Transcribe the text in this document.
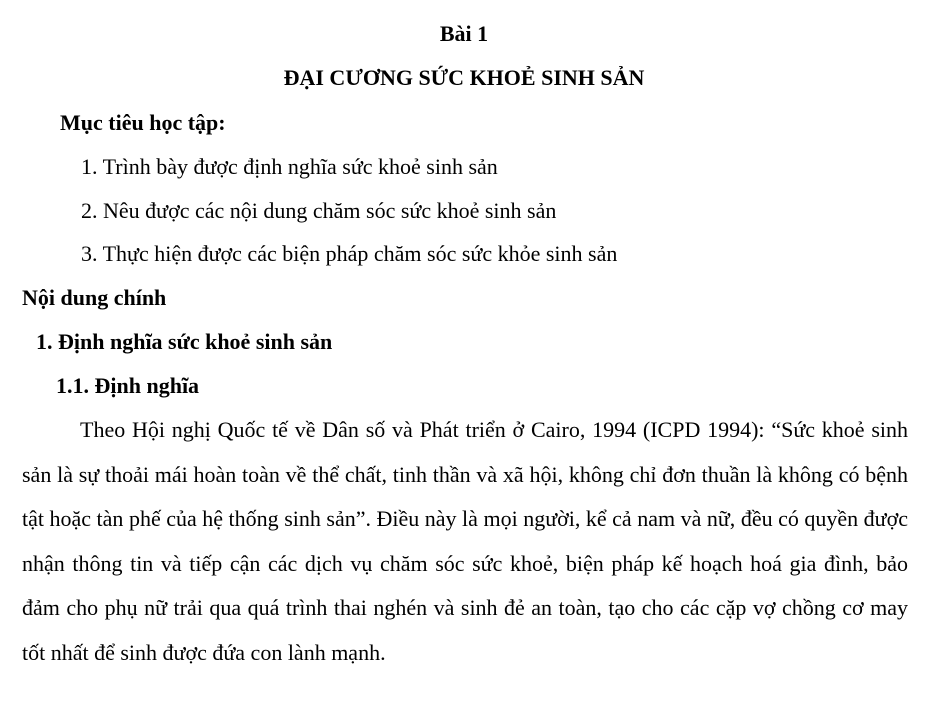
Bài 1
ĐẠI CƯƠNG SỨC KHOẺ SINH SẢN
Mục tiêu học tập:
1. Trình bày được định nghĩa sức khoẻ sinh sản
2. Nêu được các nội dung chăm sóc sức khoẻ sinh sản
3. Thực hiện được các biện pháp chăm sóc sức khỏe sinh sản
Nội dung chính
1. Định nghĩa sức khoẻ sinh sản
1.1. Định nghĩa

Theo Hội nghị Quốc tế về Dân số và Phát triển ở Cairo, 1994 (ICPD 1994): “Sức khoẻ sinh sản là sự thoải mái hoàn toàn về thể chất, tinh thần và xã hội, không chỉ đơn thuần là không có bệnh tật hoặc tàn phế của hệ thống sinh sản”. Điều này là mọi người, kể cả nam và nữ, đều có quyền được nhận thông tin và tiếp cận các dịch vụ chăm sóc sức khoẻ, biện pháp kế hoạch hoá gia đình, bảo đảm cho phụ nữ trải qua quá trình thai nghén và sinh đẻ an toàn, tạo cho các cặp vợ chồng cơ may tốt nhất để sinh được đứa con lành mạnh.
